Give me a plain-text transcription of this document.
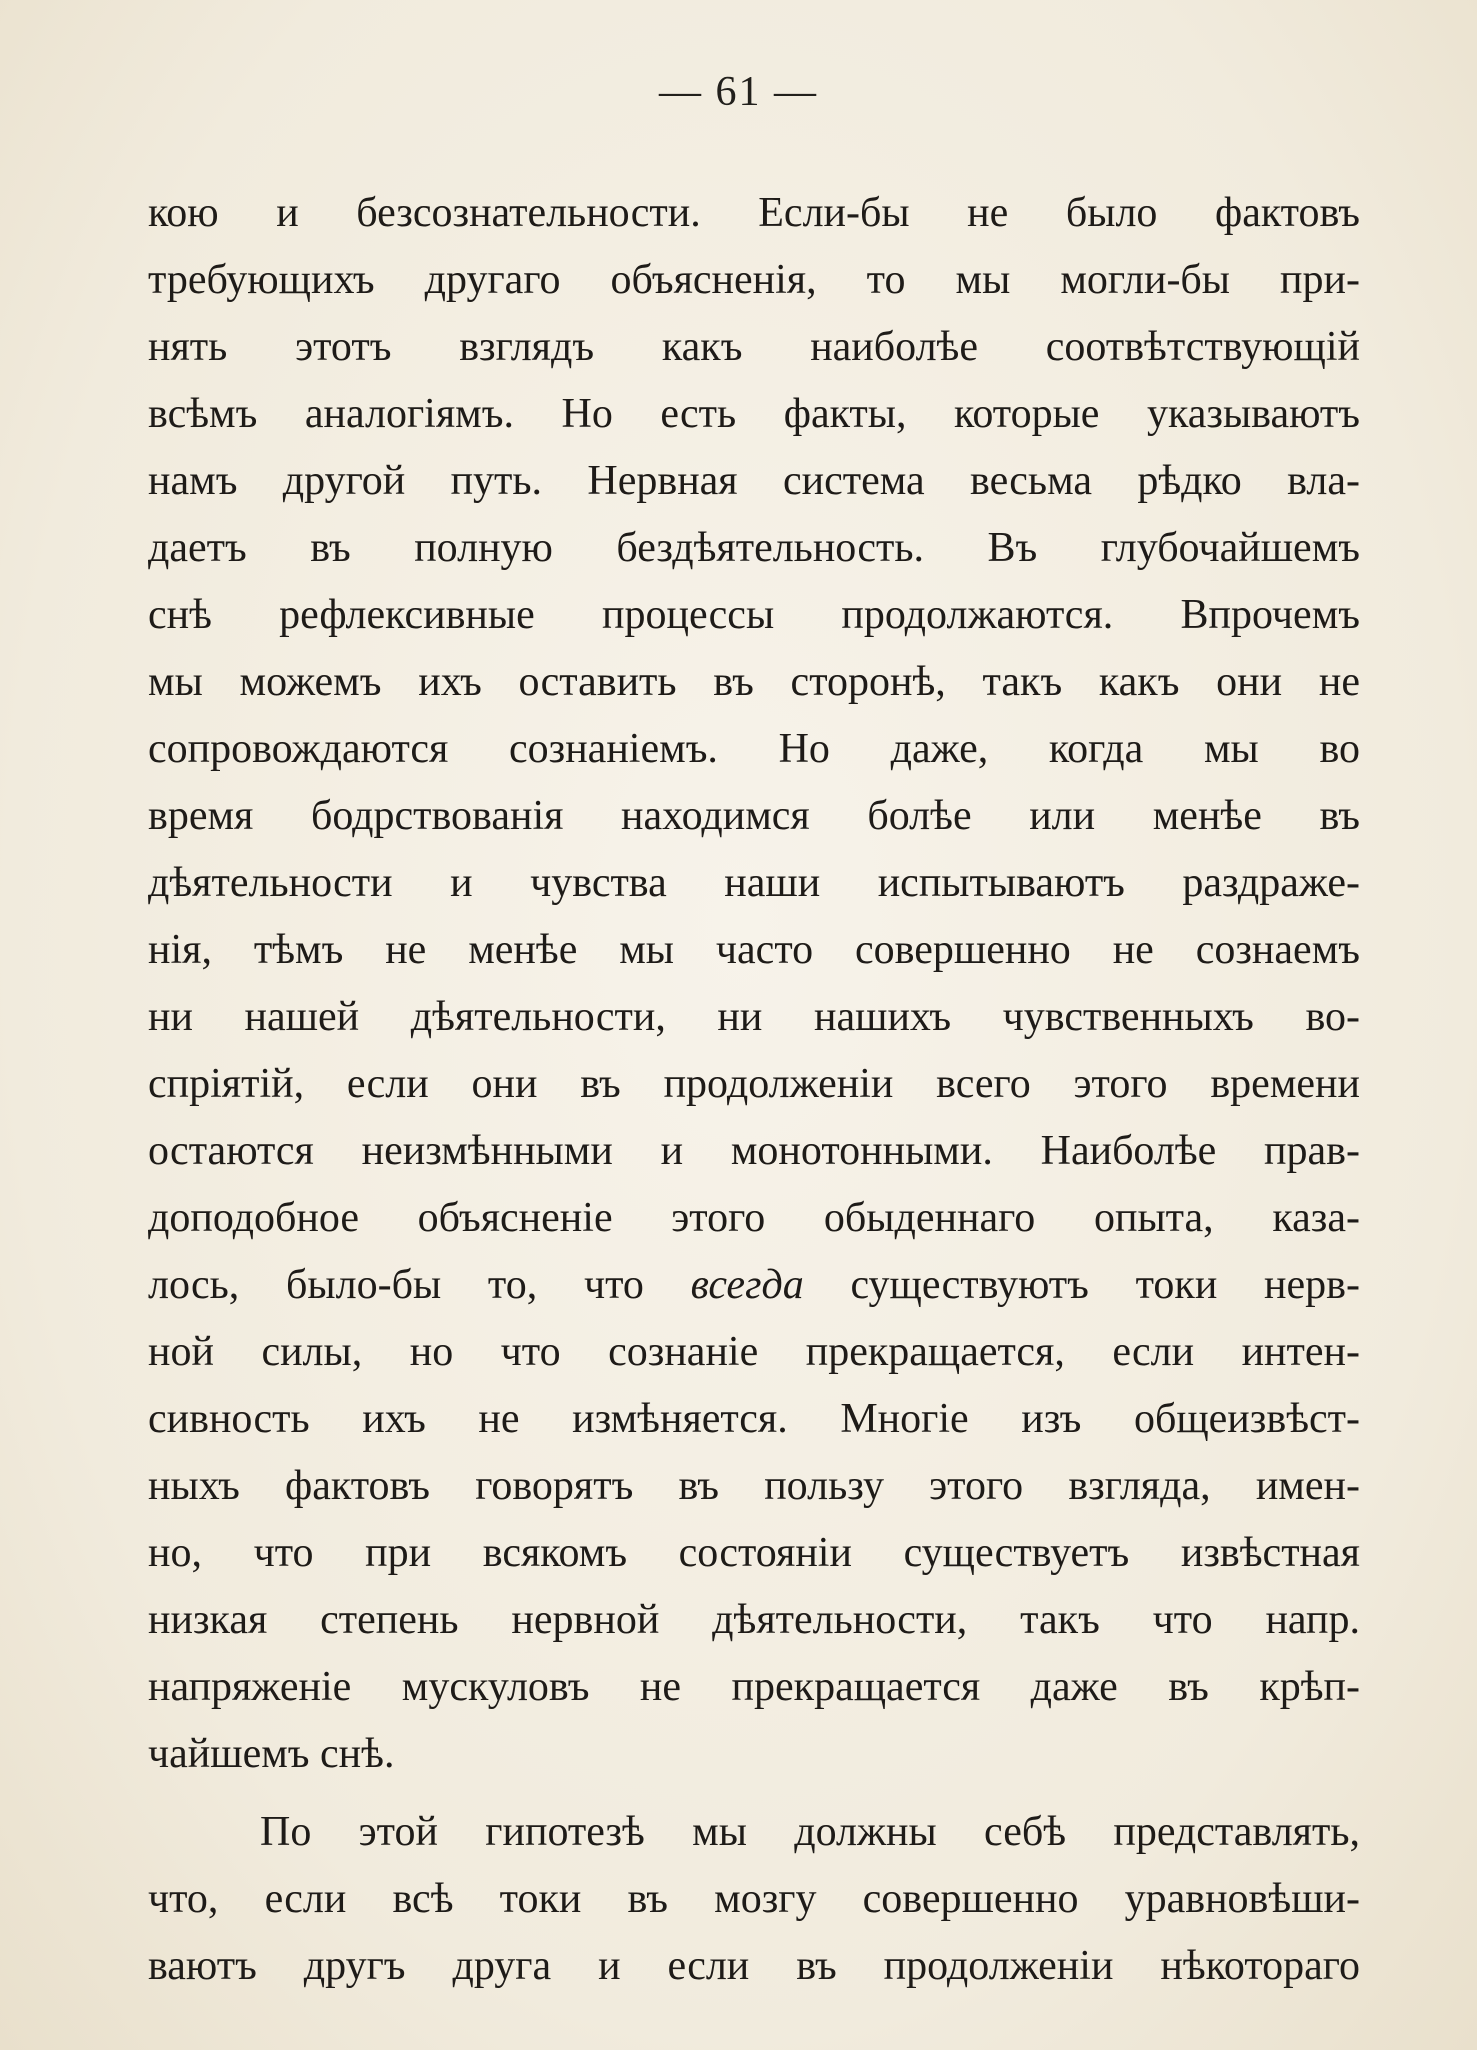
— 61 —
кою и безсознательности. Если-бы не было фактовъ
требующихъ другаго объясненія, то мы могли-бы при-
нять этотъ взглядъ какъ наиболѣе соотвѣтствующій
всѣмъ аналогіямъ. Но есть факты, которые указываютъ
намъ другой путь. Нервная система весьма рѣдко вла-
даетъ въ полную бездѣятельность. Въ глубочайшемъ
снѣ рефлексивные процессы продолжаются. Впрочемъ
мы можемъ ихъ оставить въ сторонѣ, такъ какъ они не
сопровождаются сознаніемъ. Но даже, когда мы во
время бодрствованія находимся болѣе или менѣе въ
дѣятельности и чувства наши испытываютъ раздраже-
нія, тѣмъ не менѣе мы часто совершенно не сознаемъ
ни нашей дѣятельности, ни нашихъ чувственныхъ во-
спріятій, если они въ продолженіи всего этого времени
остаются неизмѣнными и монотонными. Наиболѣе прав-
доподобное объясненіе этого обыденнаго опыта, каза-
лось, было-бы то, что всегда существуютъ токи нерв-
ной силы, но что сознаніе прекращается, если интен-
сивность ихъ не измѣняется. Многіе изъ общеизвѣст-
ныхъ фактовъ говорятъ въ пользу этого взгляда, имен-
но, что при всякомъ состояніи существуетъ извѣстная
низкая степень нервной дѣятельности, такъ что напр.
напряженіе мускуловъ не прекращается даже въ крѣп-
чайшемъ снѣ.
По этой гипотезѣ мы должны себѣ представлять,
что, если всѣ токи въ мозгу совершенно уравновѣши-
ваютъ другъ друга и если въ продолженіи нѣкотораго
